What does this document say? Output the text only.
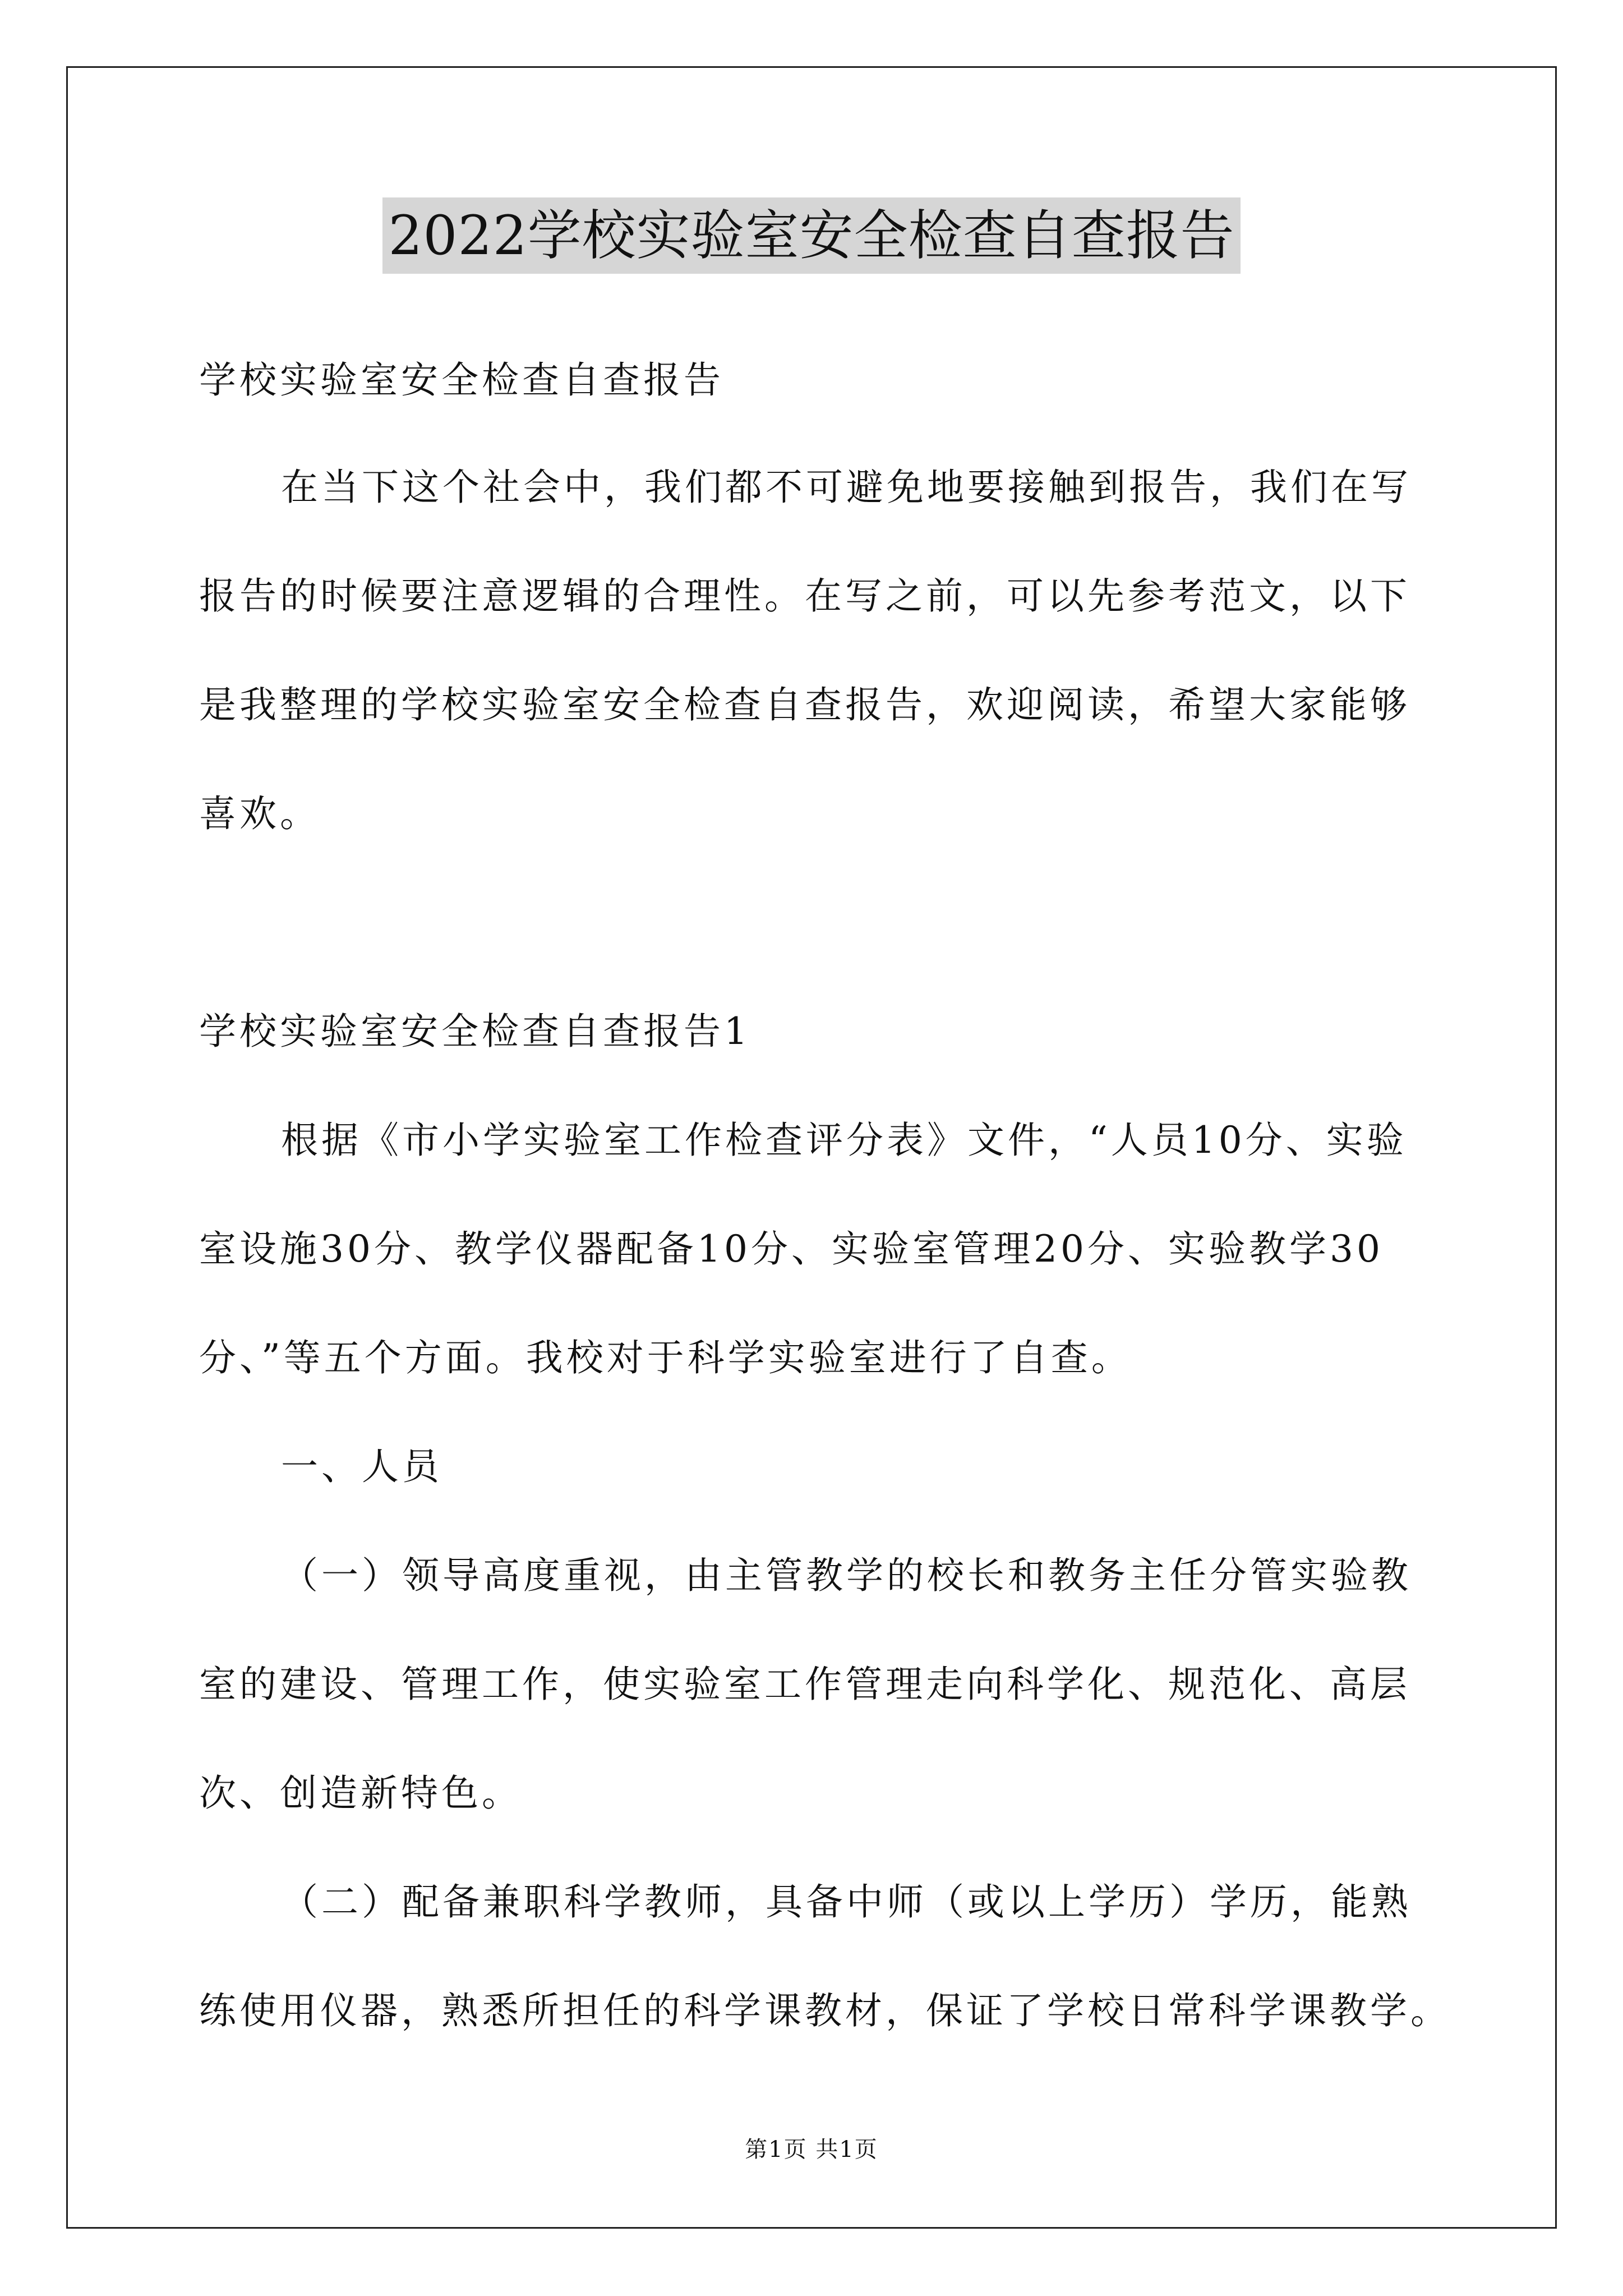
2022学校实验室安全检查自查报告

学校实验室安全检查自查报告

在当下这个社会中，我们都不可避免地要接触到报告，我们在写

报告的时候要注意逻辑的合理性。在写之前，可以先参考范文，以下

是我整理的学校实验室安全检查自查报告，欢迎阅读，希望大家能够

喜欢。

学校实验室安全检查自查报告1

根据《市小学实验室工作检查评分表》文件，“人员10分、实验

室设施30分、教学仪器配备10分、实验室管理20分、实验教学30

分、”等五个方面。我校对于科学实验室进行了自查。

一、人员

（一）领导高度重视，由主管教学的校长和教务主任分管实验教

室的建设、管理工作，使实验室工作管理走向科学化、规范化、高层

次、创造新特色。

（二）配备兼职科学教师，具备中师（或以上学历）学历，能熟

练使用仪器，熟悉所担任的科学课教材，保证了学校日常科学课教学。

第1页 共1页
